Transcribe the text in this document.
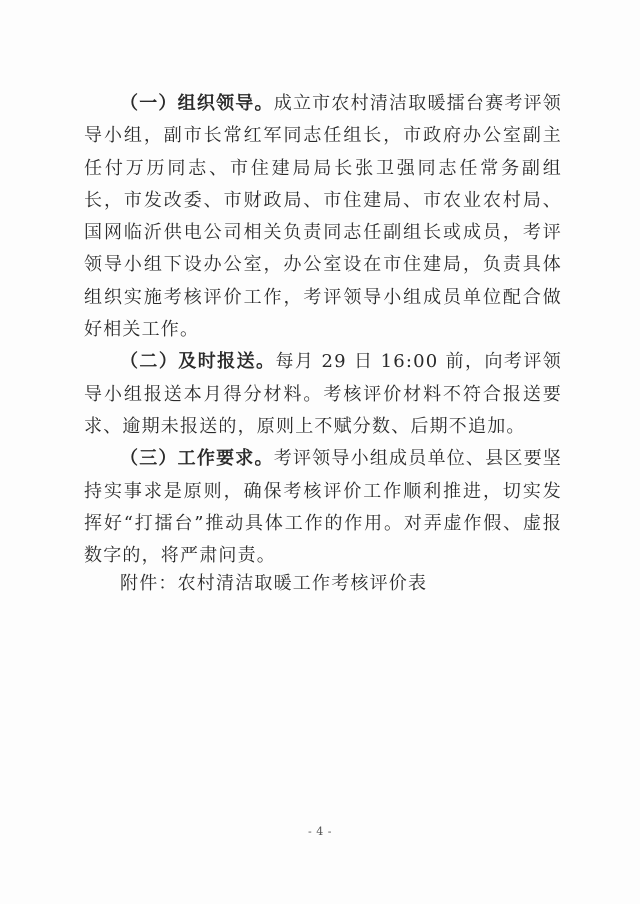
（一）组织领导。成立市农村清洁取暖擂台赛考评领导小组，副市长常红军同志任组长，市政府办公室副主任付万历同志、市住建局局长张卫强同志任常务副组长，市发改委、市财政局、市住建局、市农业农村局、国网临沂供电公司相关负责同志任副组长或成员，考评领导小组下设办公室，办公室设在市住建局，负责具体组织实施考核评价工作，考评领导小组成员单位配合做好相关工作。

（二）及时报送。每月 29 日 16:00 前，向考评领导小组报送本月得分材料。考核评价材料不符合报送要求、逾期未报送的，原则上不赋分数、后期不追加。

（三）工作要求。考评领导小组成员单位、县区要坚持实事求是原则，确保考核评价工作顺利推进，切实发挥好“打擂台”推动具体工作的作用。对弄虚作假、虚报数字的，将严肃问责。

附件：农村清洁取暖工作考核评价表

- 4 -
